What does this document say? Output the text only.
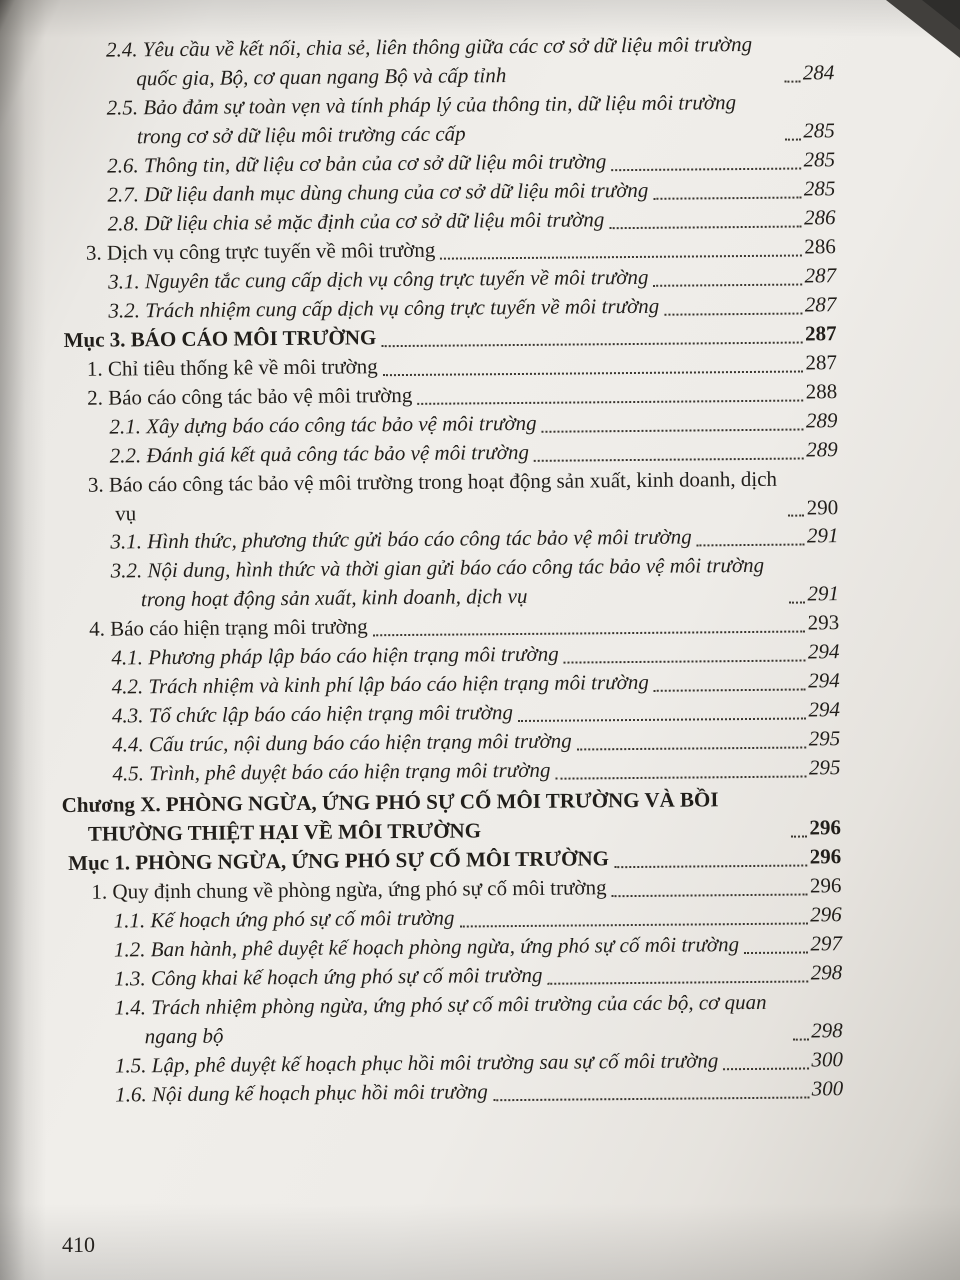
2.4. Yêu cầu về kết nối, chia sẻ, liên thông giữa các cơ sở dữ liệu môi trường quốc gia, Bộ, cơ quan ngang Bộ và cấp tỉnh	284
2.5. Bảo đảm sự toàn vẹn và tính pháp lý của thông tin, dữ liệu môi trường trong cơ sở dữ liệu môi trường các cấp	285
2.6. Thông tin, dữ liệu cơ bản của cơ sở dữ liệu môi trường	285
2.7. Dữ liệu danh mục dùng chung của cơ sở dữ liệu môi trường	285
2.8. Dữ liệu chia sẻ mặc định của cơ sở dữ liệu môi trường	286
3. Dịch vụ công trực tuyến về môi trường	286
3.1. Nguyên tắc cung cấp dịch vụ công trực tuyến về môi trường	287
3.2. Trách nhiệm cung cấp dịch vụ công trực tuyến về môi trường	287
Mục 3. BÁO CÁO MÔI TRƯỜNG	287
1. Chỉ tiêu thống kê về môi trường	287
2. Báo cáo công tác bảo vệ môi trường	288
2.1. Xây dựng báo cáo công tác bảo vệ môi trường	289
2.2. Đánh giá kết quả công tác bảo vệ môi trường	289
3. Báo cáo công tác bảo vệ môi trường trong hoạt động sản xuất, kinh doanh, dịch vụ	290
3.1. Hình thức, phương thức gửi báo cáo công tác bảo vệ môi trường	291
3.2. Nội dung, hình thức và thời gian gửi báo cáo công tác bảo vệ môi trường trong hoạt động sản xuất, kinh doanh, dịch vụ	291
4. Báo cáo hiện trạng môi trường	293
4.1. Phương pháp lập báo cáo hiện trạng môi trường	294
4.2. Trách nhiệm và kinh phí lập báo cáo hiện trạng môi trường	294
4.3. Tổ chức lập báo cáo hiện trạng môi trường	294
4.4. Cấu trúc, nội dung báo cáo hiện trạng môi trường	295
4.5. Trình, phê duyệt báo cáo hiện trạng môi trường	295
Chương X. PHÒNG NGỪA, ỨNG PHÓ SỰ CỐ MÔI TRƯỜNG VÀ BỒI THƯỜNG THIỆT HẠI VỀ MÔI TRƯỜNG	296
Mục 1. PHÒNG NGỪA, ỨNG PHÓ SỰ CỐ MÔI TRƯỜNG	296
1. Quy định chung về phòng ngừa, ứng phó sự cố môi trường	296
1.1. Kế hoạch ứng phó sự cố môi trường	296
1.2. Ban hành, phê duyệt kế hoạch phòng ngừa, ứng phó sự cố môi trường	297
1.3. Công khai kế hoạch ứng phó sự cố môi trường	298
1.4. Trách nhiệm phòng ngừa, ứng phó sự cố môi trường của các bộ, cơ quan ngang bộ	298
1.5. Lập, phê duyệt kế hoạch phục hồi môi trường sau sự cố môi trường	300
1.6. Nội dung kế hoạch phục hồi môi trường	300
410
